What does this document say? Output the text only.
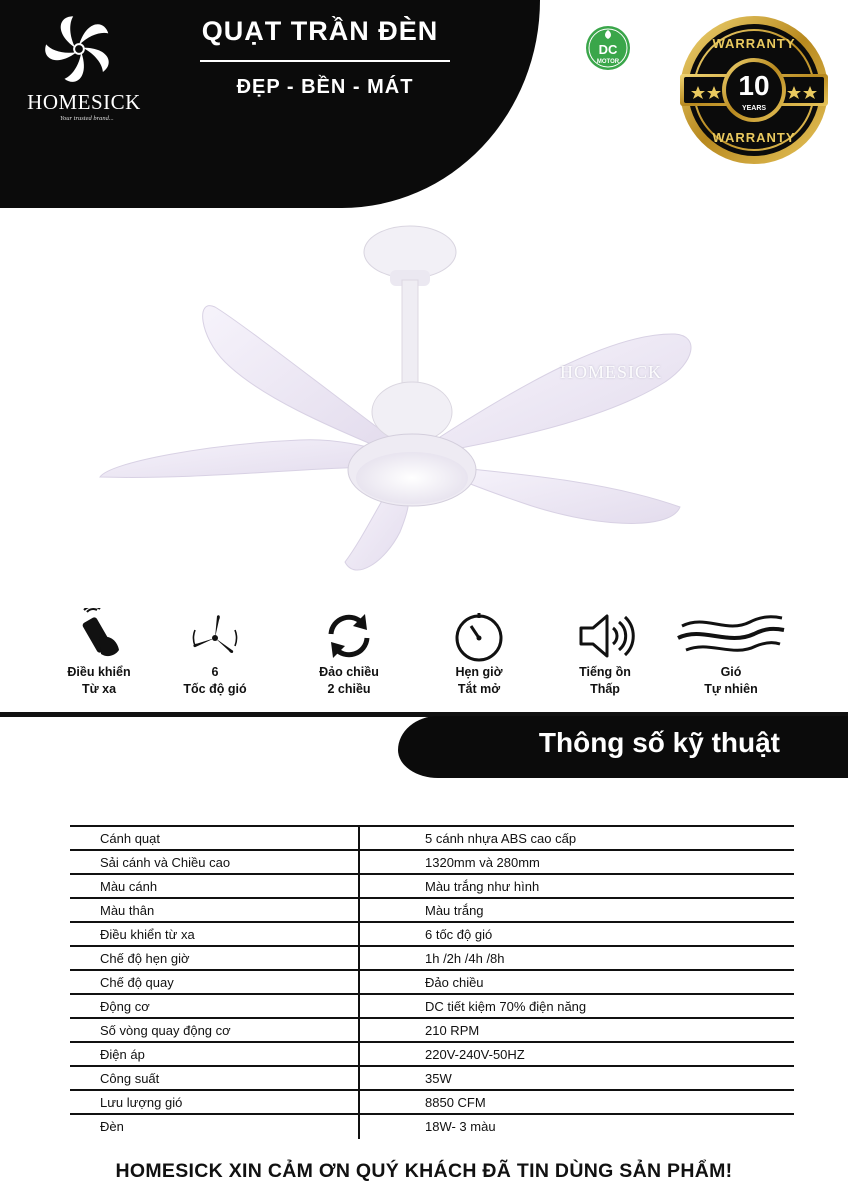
HOMESICK
Your trusted brand...
QUẠT TRẦN ĐÈN
ĐẸP - BỀN - MÁT
DC
MOTOR
10
YEARS
WARRANTY
WARRANTY
HOMESICK
Điều khiển
Từ xa
6
Tốc độ gió
Đảo chiều
2 chiều
Hẹn giờ
Tắt mở
Tiếng ồn
Thấp
Gió
Tự nhiên
Thông số kỹ thuật
Cánh quạt	5 cánh nhựa ABS cao cấp
Sải cánh và Chiều cao	1320mm và 280mm
Màu cánh	Màu trắng như hình
Màu thân	Màu trắng
Điều khiển từ xa	6 tốc độ gió
Chế độ hẹn giờ	1h /2h /4h /8h
Chế độ quay	Đảo chiều
Động cơ	DC tiết kiệm 70% điện năng
Số vòng quay động cơ	210 RPM
Điện áp	220V-240V-50HZ
Công suất	35W
Lưu lượng gió	8850 CFM
Đèn	18W- 3 màu
HOMESICK XIN CẢM ƠN QUÝ KHÁCH ĐÃ TIN DÙNG SẢN PHẨM!
